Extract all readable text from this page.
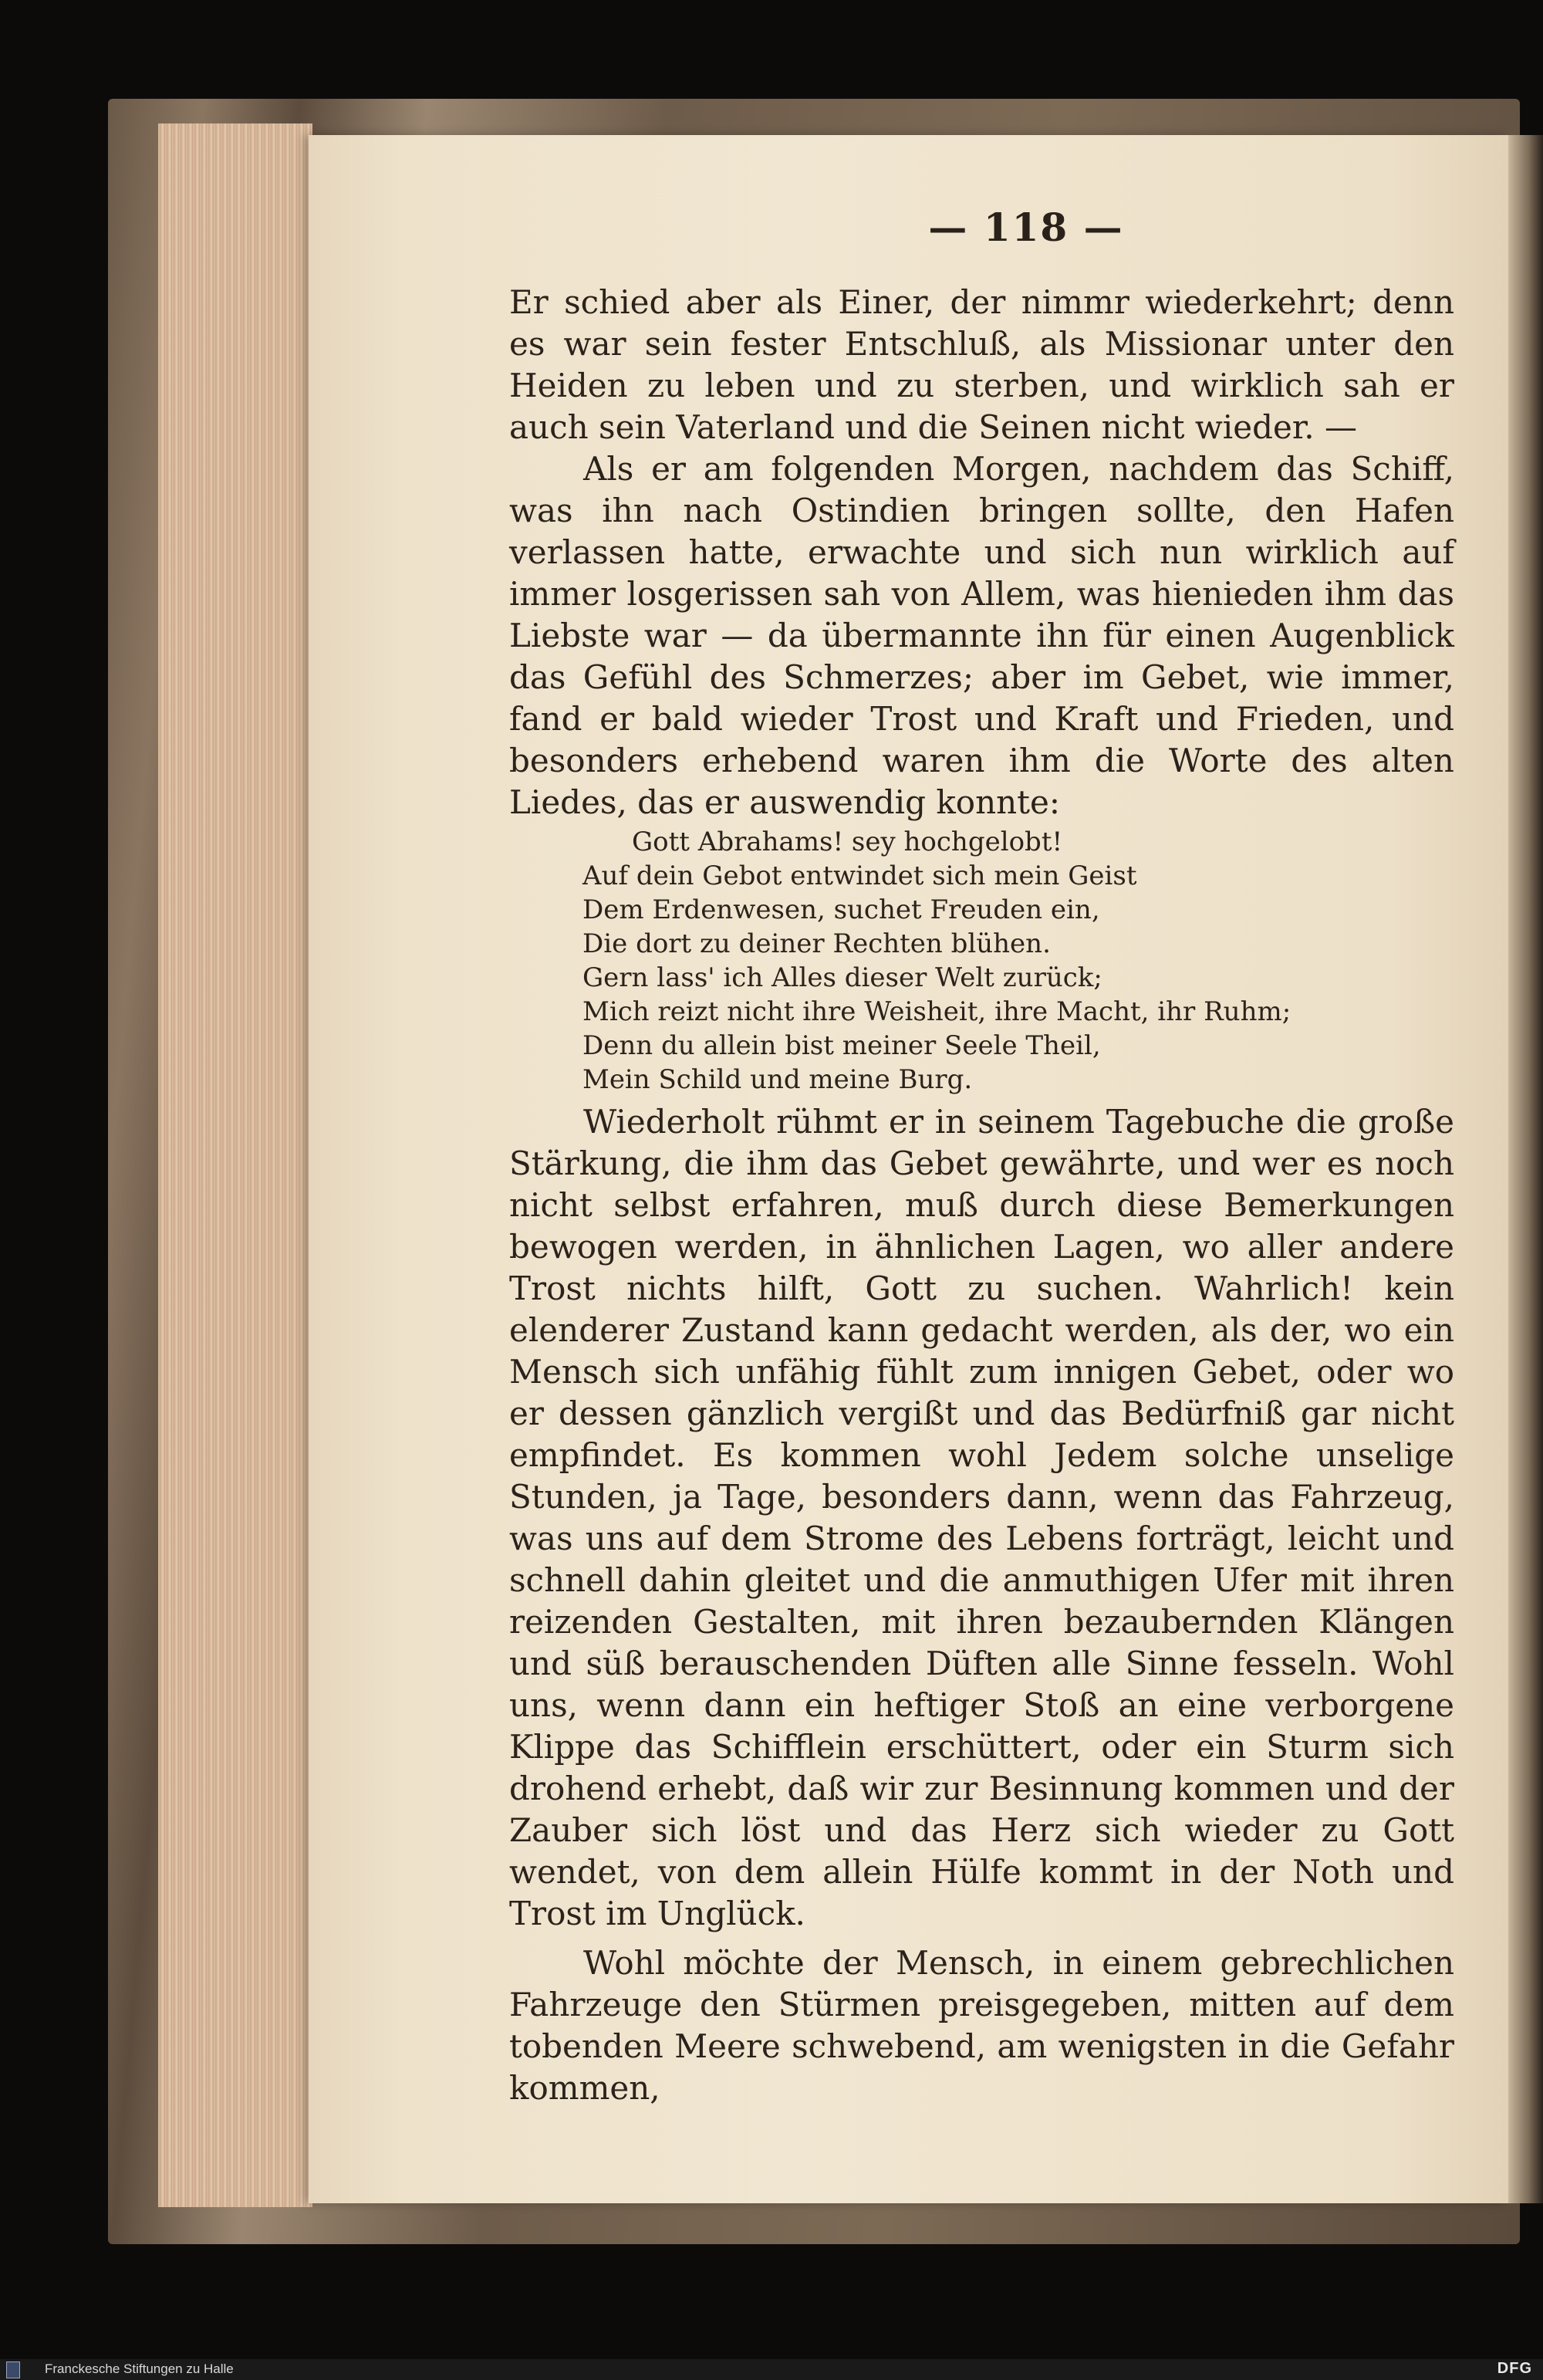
— 118 —

Er schied aber als Einer, der nimmr wiederkehrt; denn es war sein fester Entschluß, als Missionar unter den Heiden zu leben und zu sterben, und wirklich sah er auch sein Vaterland und die Seinen nicht wieder. —

Als er am folgenden Morgen, nachdem das Schiff, was ihn nach Ostindien bringen sollte, den Hafen verlassen hatte, erwachte und sich nun wirklich auf immer losgerissen sah von Allem, was hienieden ihm das Liebste war — da übermannte ihn für einen Augenblick das Gefühl des Schmerzes; aber im Gebet, wie immer, fand er bald wieder Trost und Kraft und Frieden, und besonders erhebend waren ihm die Worte des alten Liedes, das er auswendig konnte:

Gott Abrahams! sey hochgelobt!
Auf dein Gebot entwindet sich mein Geist
Dem Erdenwesen, suchet Freuden ein,
Die dort zu deiner Rechten blühen.
Gern lass' ich Alles dieser Welt zurück;
Mich reizt nicht ihre Weisheit, ihre Macht, ihr Ruhm;
Denn du allein bist meiner Seele Theil,
Mein Schild und meine Burg.

Wiederholt rühmt er in seinem Tagebuche die große Stärkung, die ihm das Gebet gewährte, und wer es noch nicht selbst erfahren, muß durch diese Bemerkungen bewogen werden, in ähnlichen Lagen, wo aller andere Trost nichts hilft, Gott zu suchen. Wahrlich! kein elenderer Zustand kann gedacht werden, als der, wo ein Mensch sich unfähig fühlt zum innigen Gebet, oder wo er dessen gänzlich vergißt und das Bedürfniß gar nicht empfindet. Es kommen wohl Jedem solche unselige Stunden, ja Tage, besonders dann, wenn das Fahrzeug, was uns auf dem Strome des Lebens forträgt, leicht und schnell dahin gleitet und die anmuthigen Ufer mit ihren reizenden Gestalten, mit ihren bezaubernden Klängen und süß berauschenden Düften alle Sinne fesseln. Wohl uns, wenn dann ein heftiger Stoß an eine verborgene Klippe das Schifflein erschüttert, oder ein Sturm sich drohend erhebt, daß wir zur Besinnung kommen und der Zauber sich löst und das Herz sich wieder zu Gott wendet, von dem allein Hülfe kommt in der Noth und Trost im Unglück.

Wohl möchte der Mensch, in einem gebrechlichen Fahrzeuge den Stürmen preisgegeben, mitten auf dem tobenden Meere schwebend, am wenigsten in die Gefahr kommen,

Franckesche Stiftungen zu Halle	DFG
